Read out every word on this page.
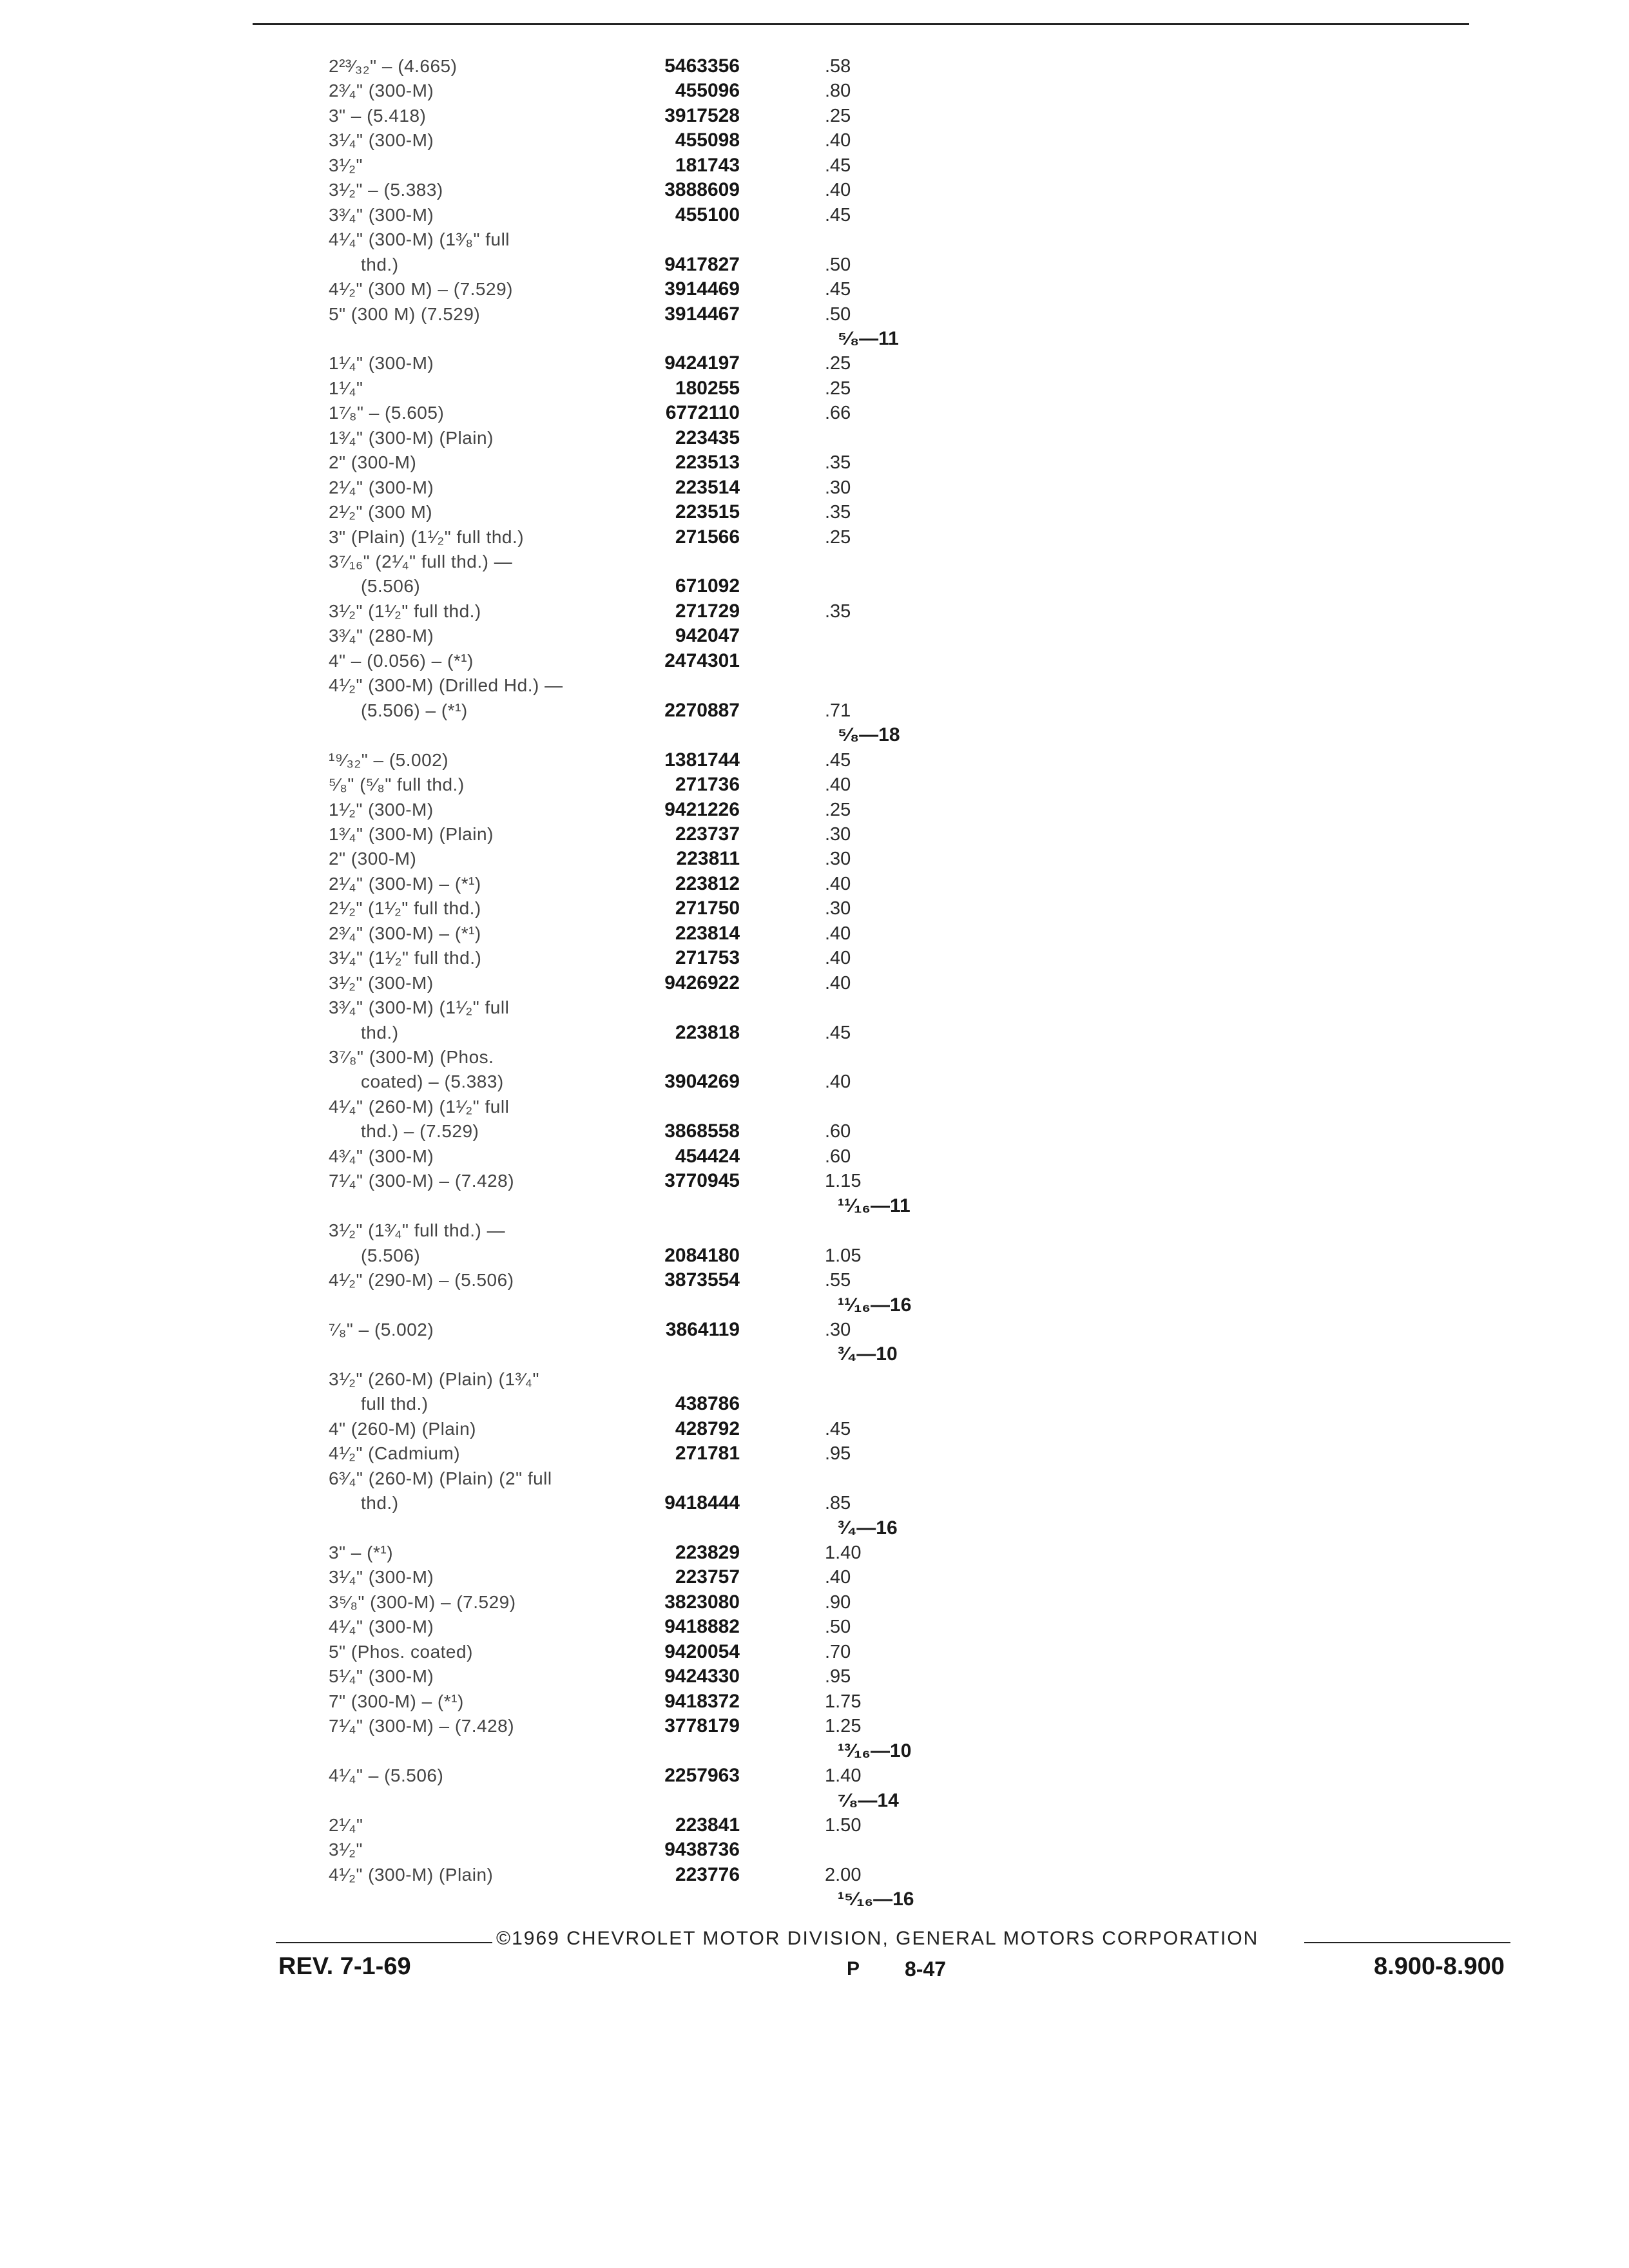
2²³⁄₃₂" – (4.665)	5463356	.58
2³⁄₄" (300-M)	455096	.80
3" – (5.418)	3917528	.25
3¹⁄₄" (300-M)	455098	.40
3¹⁄₂"	181743	.45
3¹⁄₂" – (5.383)	3888609	.40
3³⁄₄" (300-M)	455100	.45
4¹⁄₄" (300-M) (1³⁄₈" full
thd.)	9417827	.50
4¹⁄₂" (300 M) – (7.529)	3914469	.45
5" (300 M) (7.529)	3914467	.50
⁵⁄₈—11
1¹⁄₄" (300-M)	9424197	.25
1¹⁄₄"	180255	.25
1⁷⁄₈" – (5.605)	6772110	.66
1³⁄₄" (300-M) (Plain)	223435
2" (300-M)	223513	.35
2¹⁄₄" (300-M)	223514	.30
2¹⁄₂" (300 M)	223515	.35
3" (Plain) (1¹⁄₂" full thd.)	271566	.25
3⁷⁄₁₆" (2¹⁄₄" full thd.) —
(5.506)	671092
3¹⁄₂" (1¹⁄₂" full thd.)	271729	.35
3³⁄₄" (280-M)	942047
4" – (0.056) – (*¹)	2474301
4¹⁄₂" (300-M) (Drilled Hd.) —
(5.506) – (*¹)	2270887	.71
⁵⁄₈—18
¹⁹⁄₃₂" – (5.002)	1381744	.45
⁵⁄₈" (⁵⁄₈" full thd.)	271736	.40
1¹⁄₂" (300-M)	9421226	.25
1³⁄₄" (300-M) (Plain)	223737	.30
2" (300-M)	223811	.30
2¹⁄₄" (300-M) – (*¹)	223812	.40
2¹⁄₂" (1¹⁄₂" full thd.)	271750	.30
2³⁄₄" (300-M) – (*¹)	223814	.40
3¹⁄₄" (1¹⁄₂" full thd.)	271753	.40
3¹⁄₂" (300-M)	9426922	.40
3³⁄₄" (300-M) (1¹⁄₂" full
thd.)	223818	.45
3⁷⁄₈" (300-M) (Phos.
coated) – (5.383)	3904269	.40
4¹⁄₄" (260-M) (1¹⁄₂" full
thd.) – (7.529)	3868558	.60
4³⁄₄" (300-M)	454424	.60
7¹⁄₄" (300-M) – (7.428)	3770945	1.15
¹¹⁄₁₆—11
3¹⁄₂" (1³⁄₄" full thd.) —
(5.506)	2084180	1.05
4¹⁄₂" (290-M) – (5.506)	3873554	.55
¹¹⁄₁₆—16
⁷⁄₈" – (5.002)	3864119	.30
³⁄₄—10
3¹⁄₂" (260-M) (Plain) (1³⁄₄"
full thd.)	438786
4" (260-M) (Plain)	428792	.45
4¹⁄₂" (Cadmium)	271781	.95
6³⁄₄" (260-M) (Plain) (2" full
thd.)	9418444	.85
³⁄₄—16
3" – (*¹)	223829	1.40
3¹⁄₄" (300-M)	223757	.40
3⁵⁄₈" (300-M) – (7.529)	3823080	.90
4¹⁄₄" (300-M)	9418882	.50
5" (Phos. coated)	9420054	.70
5¹⁄₄" (300-M)	9424330	.95
7" (300-M) – (*¹)	9418372	1.75
7¹⁄₄" (300-M) – (7.428)	3778179	1.25
¹³⁄₁₆—10
4¹⁄₄" – (5.506)	2257963	1.40
⁷⁄₈—14
2¹⁄₄"	223841	1.50
3¹⁄₂"	9438736
4¹⁄₂" (300-M) (Plain)	223776	2.00
¹⁵⁄₁₆—16
©1969 CHEVROLET MOTOR DIVISION, GENERAL MOTORS CORPORATION
REV. 7-1-69	P 8-47	8.900-8.900
